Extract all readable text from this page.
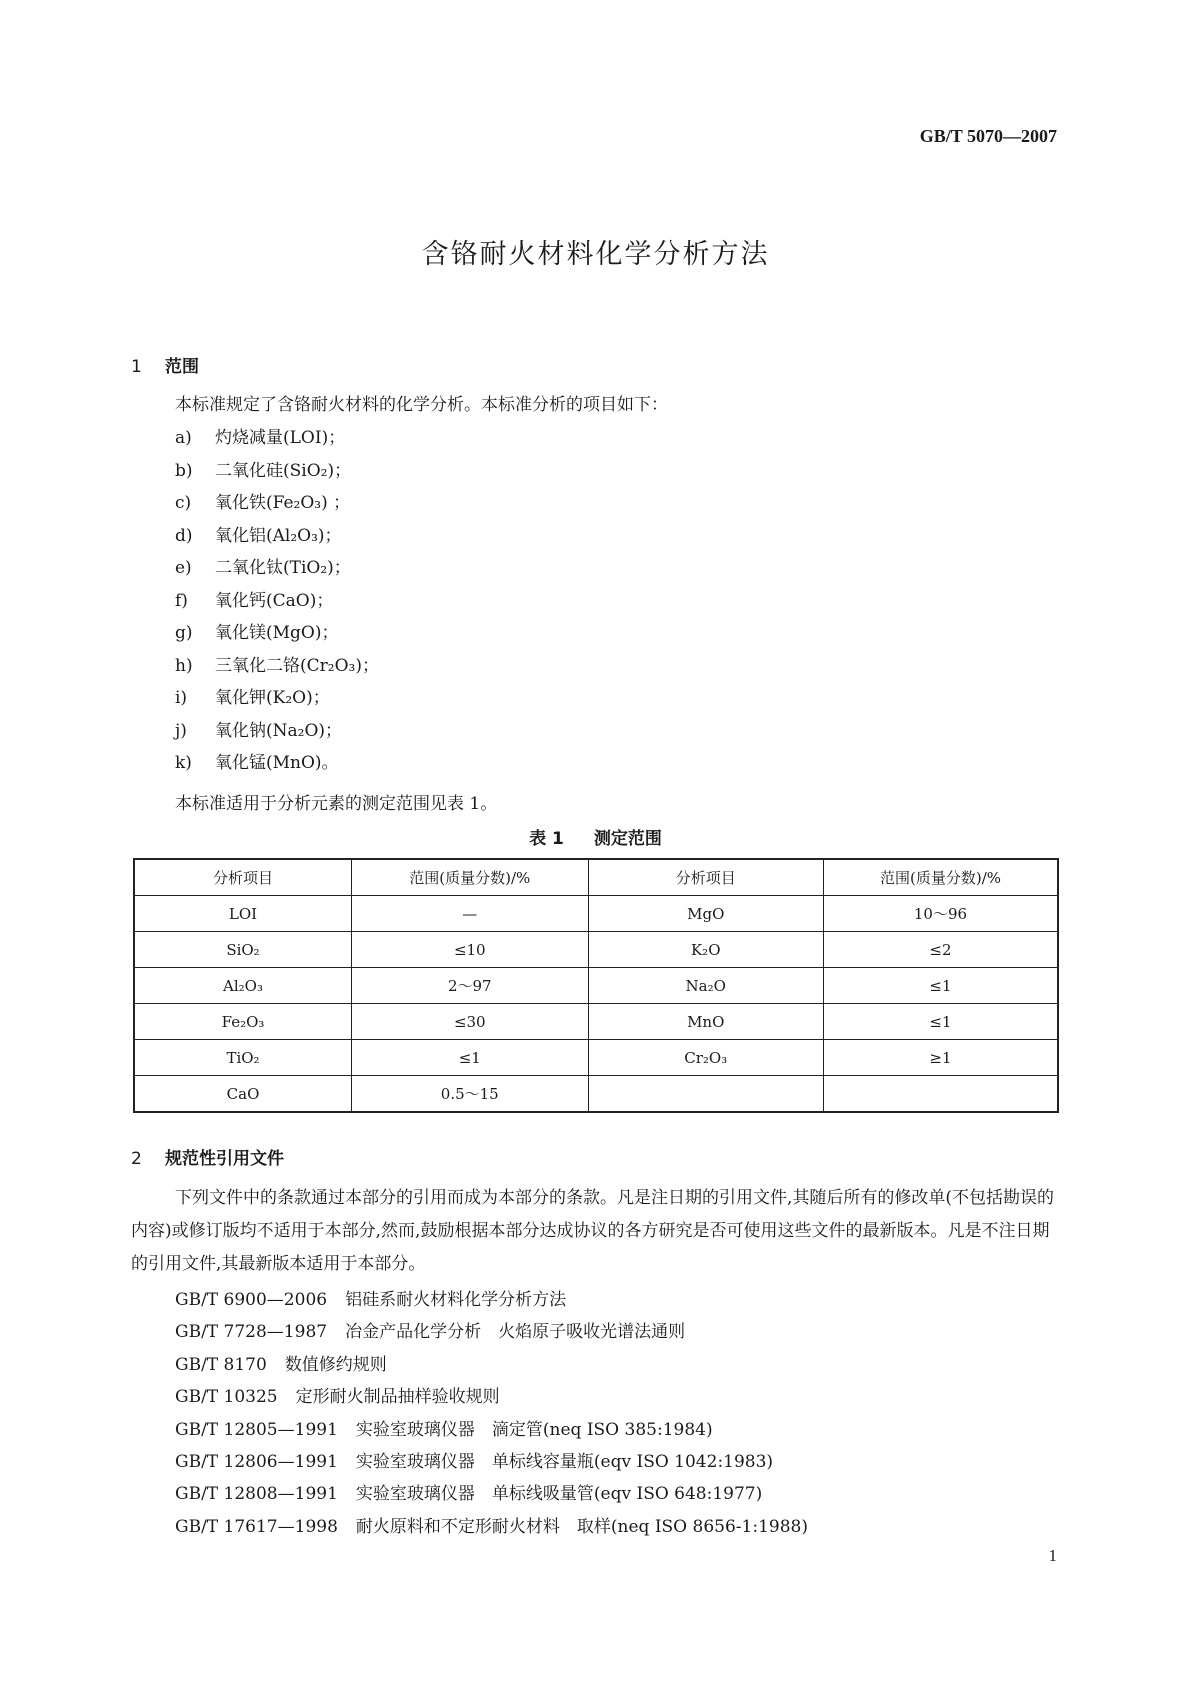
GB/T 5070—2007
含铬耐火材料化学分析方法
1 范围
本标准规定了含铬耐火材料的化学分析。本标准分析的项目如下：
a) 灼烧减量(LOI)；
b) 二氧化硅(SiO₂)；
c) 氧化铁(Fe₂O₃) ；
d) 氧化铝(Al₂O₃)；
e) 二氧化钛(TiO₂)；
f) 氧化钙(CaO)；
g) 氧化镁(MgO)；
h) 三氧化二铬(Cr₂O₃)；
i) 氧化钾(K₂O)；
j) 氧化钠(Na₂O)；
k) 氧化锰(MnO)。
本标准适用于分析元素的测定范围见表 1。
表 1 测定范围
分析项目	范围(质量分数)/%	分析项目	范围(质量分数)/%
LOI	—	MgO	10～96
SiO₂	≤10	K₂O	≤2
Al₂O₃	2～97	Na₂O	≤1
Fe₂O₃	≤30	MnO	≤1
TiO₂	≤1	Cr₂O₃	≥1
CaO	0.5～15		
2 规范性引用文件
下列文件中的条款通过本部分的引用而成为本部分的条款。凡是注日期的引用文件,其随后所有的修改单(不包括勘误的内容)或修订版均不适用于本部分,然而,鼓励根据本部分达成协议的各方研究是否可使用这些文件的最新版本。凡是不注日期的引用文件,其最新版本适用于本部分。
GB/T 6900—2006 铝硅系耐火材料化学分析方法
GB/T 7728—1987 冶金产品化学分析　火焰原子吸收光谱法通则
GB/T 8170 数值修约规则
GB/T 10325 定形耐火制品抽样验收规则
GB/T 12805—1991 实验室玻璃仪器　滴定管(neq ISO 385:1984)
GB/T 12806—1991 实验室玻璃仪器　单标线容量瓶(eqv ISO 1042:1983)
GB/T 12808—1991 实验室玻璃仪器　单标线吸量管(eqv ISO 648:1977)
GB/T 17617—1998 耐火原料和不定形耐火材料　取样(neq ISO 8656-1:1988)
1
